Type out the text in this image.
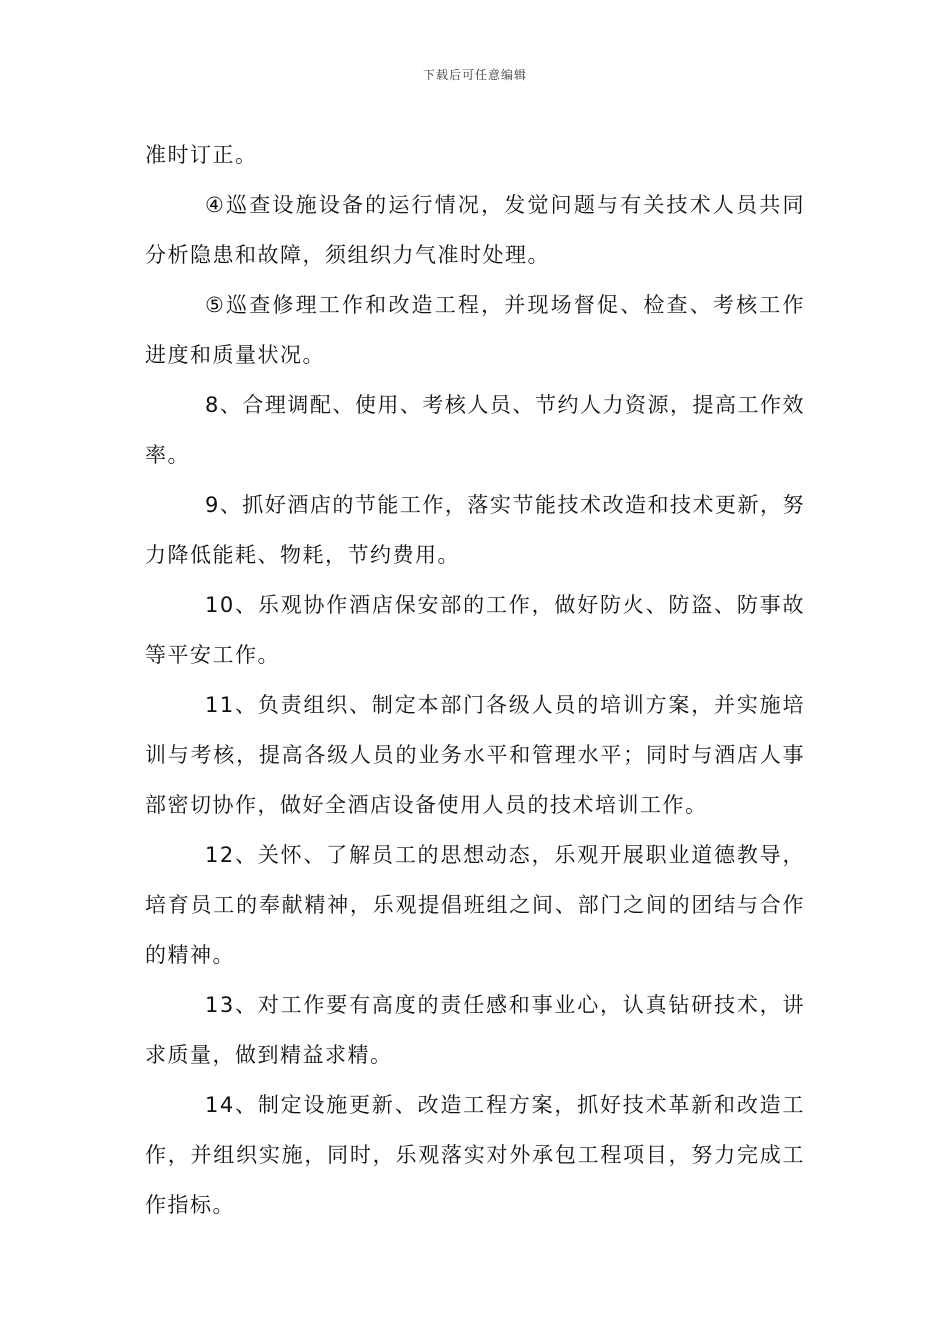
下载后可任意编辑

准时订正。

④巡查设施设备的运行情况，发觉问题与有关技术人员共同分析隐患和故障，须组织力气准时处理。

⑤巡查修理工作和改造工程，并现场督促、检查、考核工作进度和质量状况。

8、合理调配、使用、考核人员、节约人力资源，提高工作效率。

9、抓好酒店的节能工作，落实节能技术改造和技术更新，努力降低能耗、物耗，节约费用。

10、乐观协作酒店保安部的工作，做好防火、防盗、防事故等平安工作。

11、负责组织、制定本部门各级人员的培训方案，并实施培训与考核，提高各级人员的业务水平和管理水平；同时与酒店人事部密切协作，做好全酒店设备使用人员的技术培训工作。

12、关怀、了解员工的思想动态，乐观开展职业道德教导，培育员工的奉献精神，乐观提倡班组之间、部门之间的团结与合作的精神。

13、对工作要有高度的责任感和事业心，认真钻研技术，讲求质量，做到精益求精。

14、制定设施更新、改造工程方案，抓好技术革新和改造工作，并组织实施，同时，乐观落实对外承包工程项目，努力完成工作指标。
